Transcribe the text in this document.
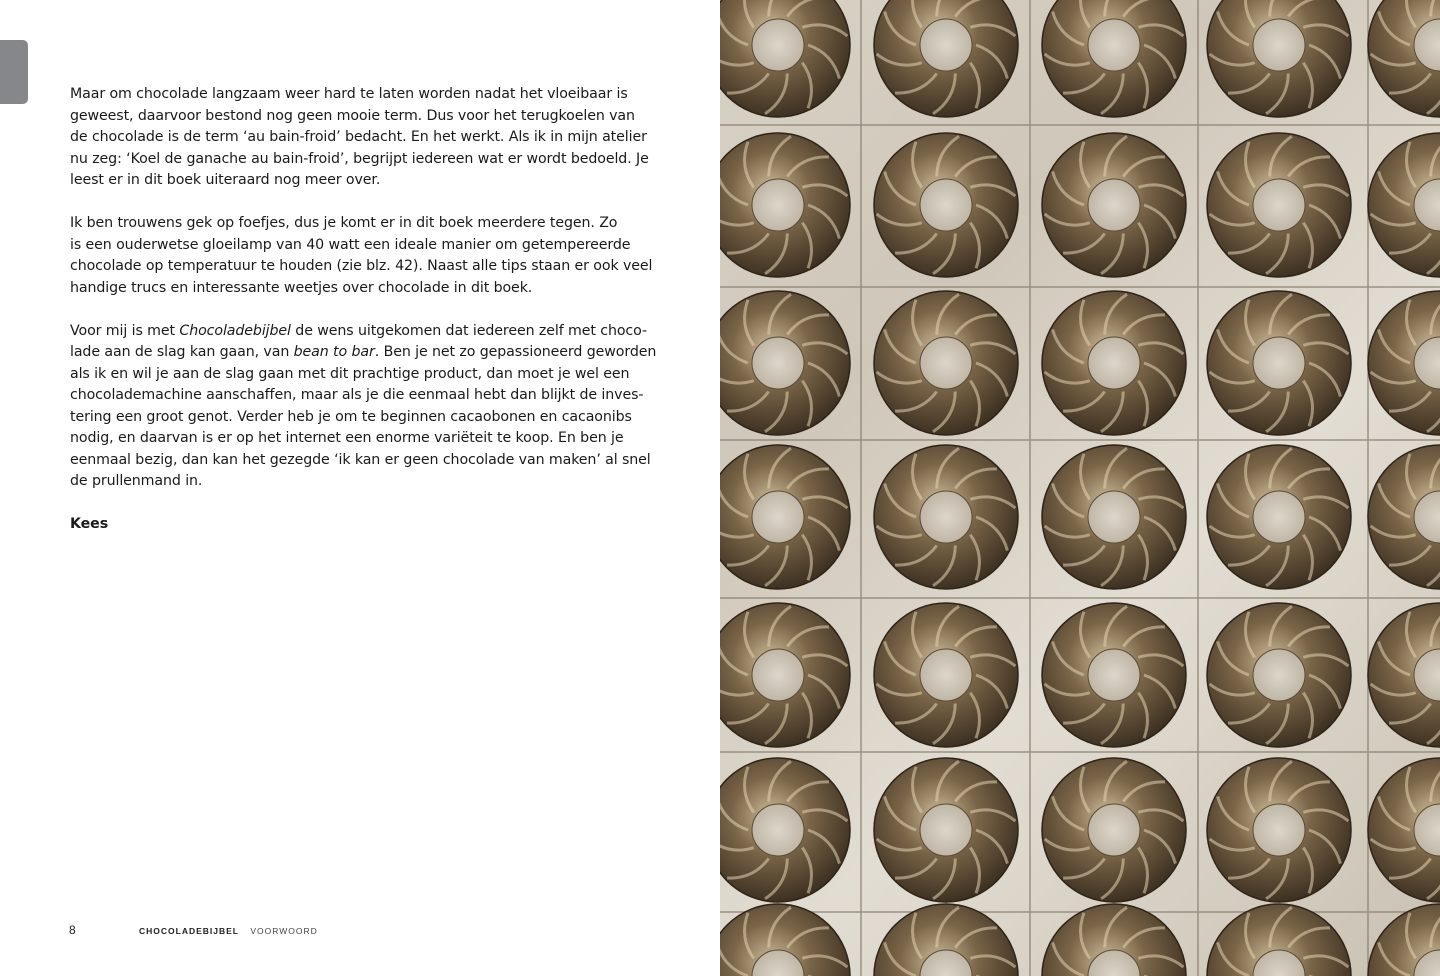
Maar om chocolade langzaam weer hard te laten worden nadat het vloeibaar is
geweest, daarvoor bestond nog geen mooie term. Dus voor het terugkoelen van
de chocolade is de term ‘au bain-froid’ bedacht. En het werkt. Als ik in mijn atelier
nu zeg: ‘Koel de ganache au bain-froid’, begrijpt iedereen wat er wordt bedoeld. Je
leest er in dit boek uiteraard nog meer over.

Ik ben trouwens gek op foefjes, dus je komt er in dit boek meerdere tegen. Zo
is een ouderwetse gloeilamp van 40 watt een ideale manier om getempereerde
chocolade op temperatuur te houden (zie blz. 42). Naast alle tips staan er ook veel
handige trucs en interessante weetjes over chocolade in dit boek.

Voor mij is met Chocoladebijbel de wens uitgekomen dat iedereen zelf met choco-
lade aan de slag kan gaan, van bean to bar. Ben je net zo gepassioneerd geworden
als ik en wil je aan de slag gaan met dit prachtige product, dan moet je wel een
chocolademachine aanschaffen, maar als je die eenmaal hebt dan blijkt de inves-
tering een groot genot. Verder heb je om te beginnen cacaobonen en cacaonibs
nodig, en daarvan is er op het internet een enorme variëteit te koop. En ben je
eenmaal bezig, dan kan het gezegde ‘ik kan er geen chocolade van maken’ al snel
de prullenmand in.

Kees

8	CHOCOLADEBIJBEL VOORWOORD
